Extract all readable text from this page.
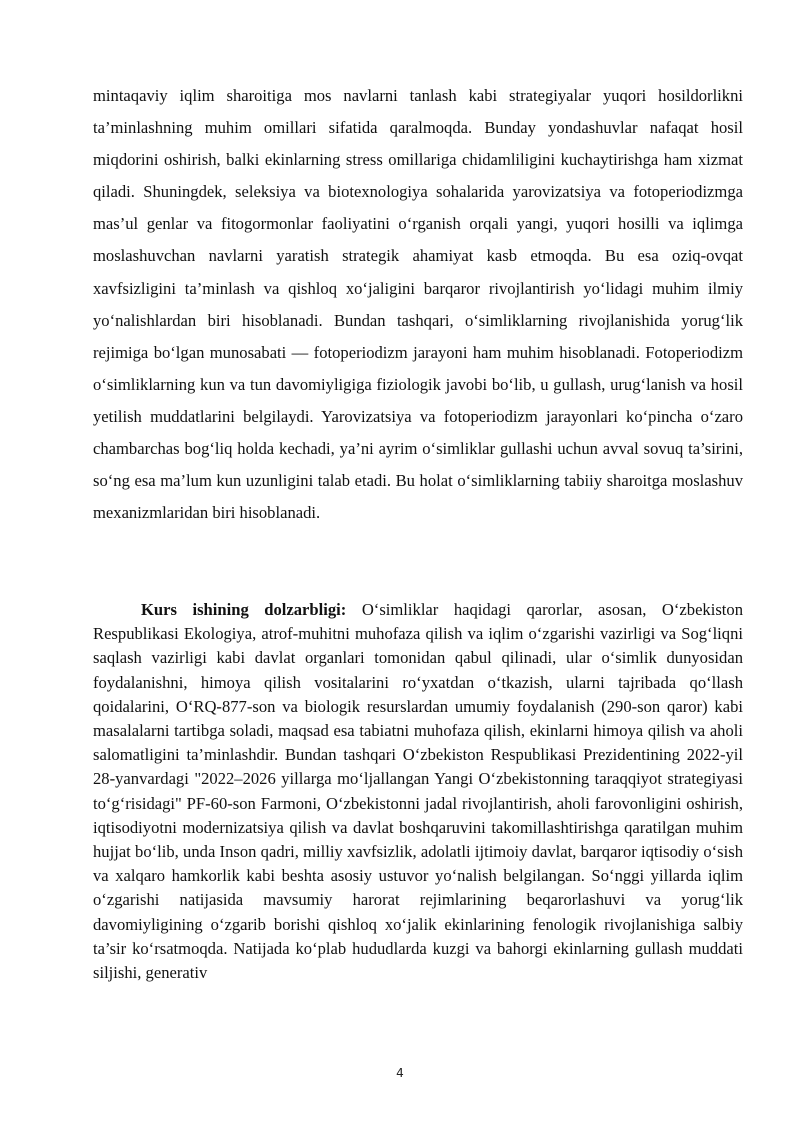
mintaqaviy iqlim sharoitiga mos navlarni tanlash kabi strategiyalar yuqori hosildorlikni ta’minlashning muhim omillari sifatida qaralmoqda. Bunday yondashuvlar nafaqat hosil miqdorini oshirish, balki ekinlarning stress omillariga chidamliligini kuchaytirishga ham xizmat qiladi. Shuningdek, seleksiya va biotexnologiya sohalarida yarovizatsiya va fotoperiodizmga mas’ul genlar va fitogormonlar faoliyatini o‘rganish orqali yangi, yuqori hosilli va iqlimga moslashuvchan navlarni yaratish strategik ahamiyat kasb etmoqda. Bu esa oziq-ovqat xavfsizligini ta’minlash va qishloq xo‘jaligini barqaror rivojlantirish yo‘lidagi muhim ilmiy yo‘nalishlardan biri hisoblanadi. Bundan tashqari, o‘simliklarning rivojlanishida yorug‘lik rejimiga bo‘lgan munosabati — fotoperiodizm jarayoni ham muhim hisoblanadi. Fotoperiodizm o‘simliklarning kun va tun davomiyligiga fiziologik javobi bo‘lib, u gullash, urug‘lanish va hosil yetilish muddatlarini belgilaydi. Yarovizatsiya va fotoperiodizm jarayonlari ko‘pincha o‘zaro chambarchas bog‘liq holda kechadi, ya’ni ayrim o‘simliklar gullashi uchun avval sovuq ta’sirini, so‘ng esa ma’lum kun uzunligini talab etadi. Bu holat o‘simliklarning tabiiy sharoitga moslashuv mexanizmlaridan biri hisoblanadi.

Kurs ishining dolzarbligi: O‘simliklar haqidagi qarorlar, asosan, O‘zbekiston Respublikasi Ekologiya, atrof-muhitni muhofaza qilish va iqlim o‘zgarishi vazirligi va Sog‘liqni saqlash vazirligi kabi davlat organlari tomonidan qabul qilinadi, ular o‘simlik dunyosidan foydalanishni, himoya qilish vositalarini ro‘yxatdan o‘tkazish, ularni tajribada qo‘llash qoidalarini, O‘RQ-877-son va biologik resurslardan umumiy foydalanish (290-son qaror) kabi masalalarni tartibga soladi, maqsad esa tabiatni muhofaza qilish, ekinlarni himoya qilish va aholi salomatligini ta’minlashdir. Bundan tashqari O‘zbekiston Respublikasi Prezidentining 2022-yil 28-yanvardagi "2022–2026 yillarga mo‘ljallangan Yangi O‘zbekistonning taraqqiyot strategiyasi to‘g‘risidagi" PF-60-son Farmoni, O‘zbekistonni jadal rivojlantirish, aholi farovonligini oshirish, iqtisodiyotni modernizatsiya qilish va davlat boshqaruvini takomillashtirishga qaratilgan muhim hujjat bo‘lib, unda Inson qadri, milliy xavfsizlik, adolatli ijtimoiy davlat, barqaror iqtisodiy o‘sish va xalqaro hamkorlik kabi beshta asosiy ustuvor yo‘nalish belgilangan. So‘nggi yillarda iqlim o‘zgarishi natijasida mavsumiy harorat rejimlarining beqarorlashuvi va yorug‘lik davomiyligining o‘zgarib borishi qishloq xo‘jalik ekinlarining fenologik rivojlanishiga salbiy ta’sir ko‘rsatmoqda. Natijada ko‘plab hududlarda kuzgi va bahorgi ekinlarning gullash muddati siljishi, generativ

4
